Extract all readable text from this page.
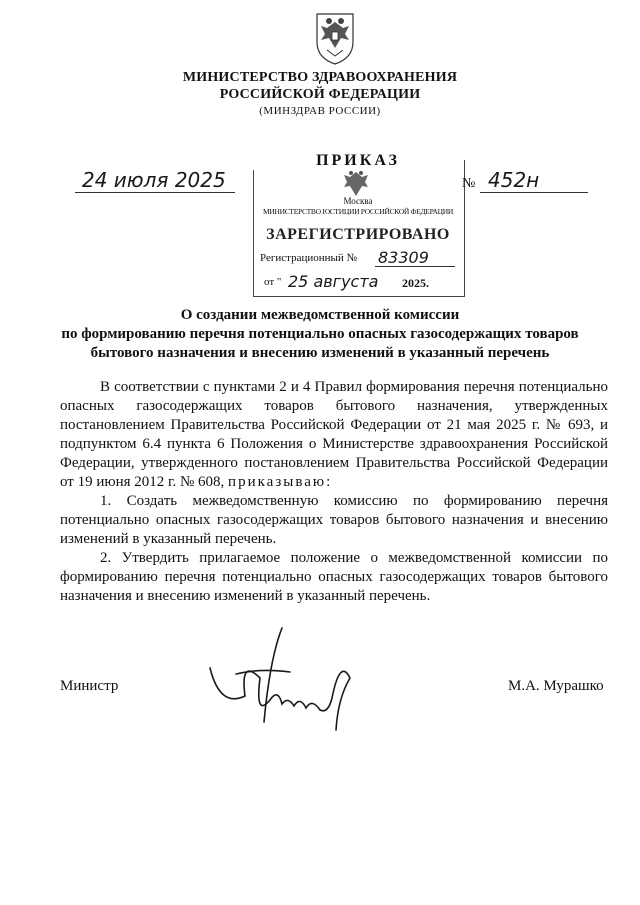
МИНИСТЕРСТВО ЗДРАВООХРАНЕНИЯ
РОССИЙСКОЙ ФЕДЕРАЦИИ
(МИНЗДРАВ РОССИИ)
24 июля 2025
ПРИКАЗ
Москва
МИНИСТЕРСТВО ЮСТИЦИИ РОССИЙСКОЙ ФЕДЕРАЦИИ
ЗАРЕГИСТРИРОВАНО
Регистрационный № 83309
от " 25 августа 2025.
№ 452н
О создании межведомственной комиссии
по формированию перечня потенциально опасных газосодержащих товаров
бытового назначения и внесению изменений в указанный перечень

В соответствии с пунктами 2 и 4 Правил формирования перечня потенциально опасных газосодержащих товаров бытового назначения, утвержденных постановлением Правительства Российской Федерации от 21 мая 2025 г. № 693, и подпунктом 6.4 пункта 6 Положения о Министерстве здравоохранения Российской Федерации, утвержденного постановлением Правительства Российской Федерации от 19 июня 2012 г. № 608, приказываю:

1. Создать межведомственную комиссию по формированию перечня потенциально опасных газосодержащих товаров бытового назначения и внесению изменений в указанный перечень.

2. Утвердить прилагаемое положение о межведомственной комиссии по формированию перечня потенциально опасных газосодержащих товаров бытового назначения и внесению изменений в указанный перечень.

Министр	М.А. Мурашко
